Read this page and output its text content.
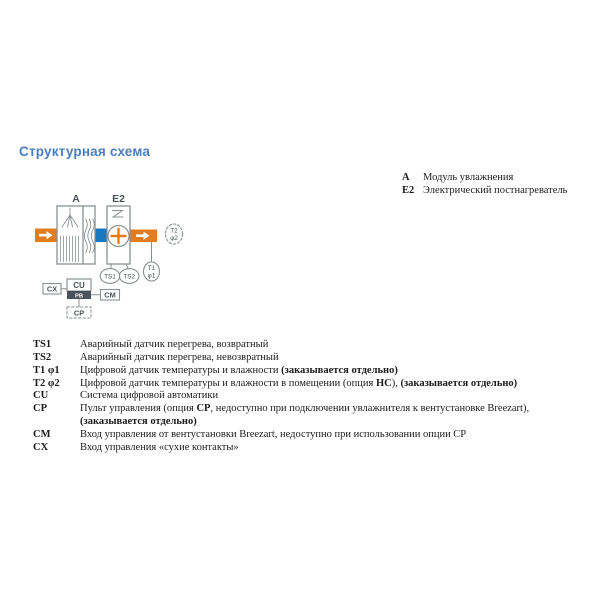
Структурная схема
A	E2
TS1 TS2
T1
φ1
T2
φ2
CU
CX
CM
CP
PB
A	Модуль увлажнения
E2 Электрический постнагреватель
TS1	Аварийный датчик перегрева, возвратный
TS2	Аварийный датчик перегрева, невозвратный
T1 φ1	Цифровой датчик температуры и влажности (заказывается отдельно)
T2 φ2	Цифровой датчик температуры и влажности в помещении (опция HC), (заказывается отдельно)
CU	Система цифровой автоматики
CP	Пульт управления (опция CP, недоступно при подключении увлажнителя к вентустановке Breezart),
(заказывается отдельно)
CM	Вход управления от вентустановки Breezart, недоступно при использовании опции CP
CX	Вход управления «сухие контакты»
